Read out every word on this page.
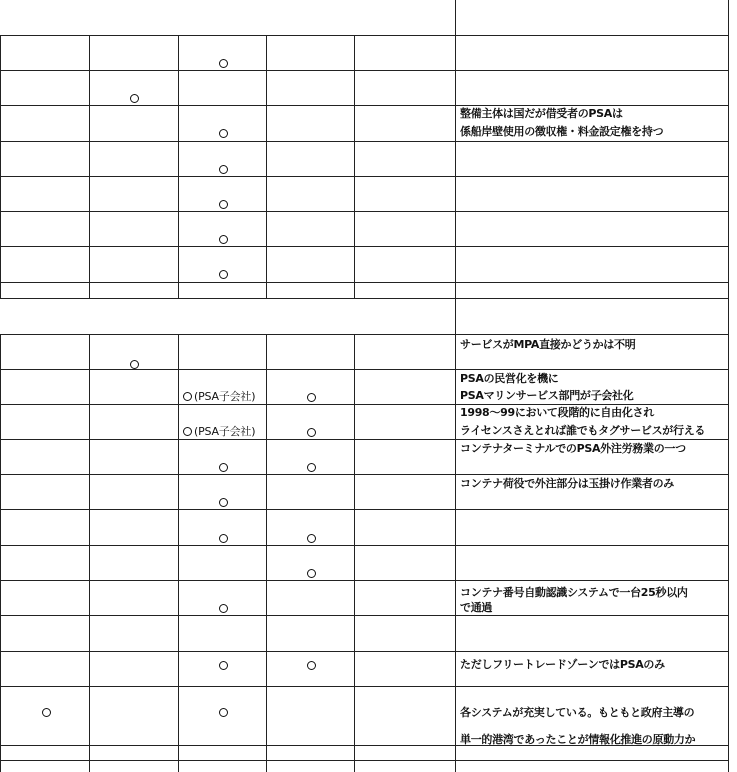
整備主体は国だが借受者のPSAは
係船岸壁使用の徴収権・料金設定権を持つ
サービスがMPA直接かどうかは不明
(PSA子会社)
PSAの民営化を機に
PSAマリンサービス部門が子会社化
(PSA子会社)
1998～99において段階的に自由化され
ライセンスさえとれば誰でもタグサービスが行える
コンテナターミナルでのPSA外注労務業の一つ
コンテナ荷役で外注部分は玉掛け作業者のみ
コンテナ番号自動認識システムで一台25秒以内
で通過
ただしフリートレードゾーンではPSAのみ
各システムが充実している。もともと政府主導の
単一的港湾であったことが情報化推進の原動力か
